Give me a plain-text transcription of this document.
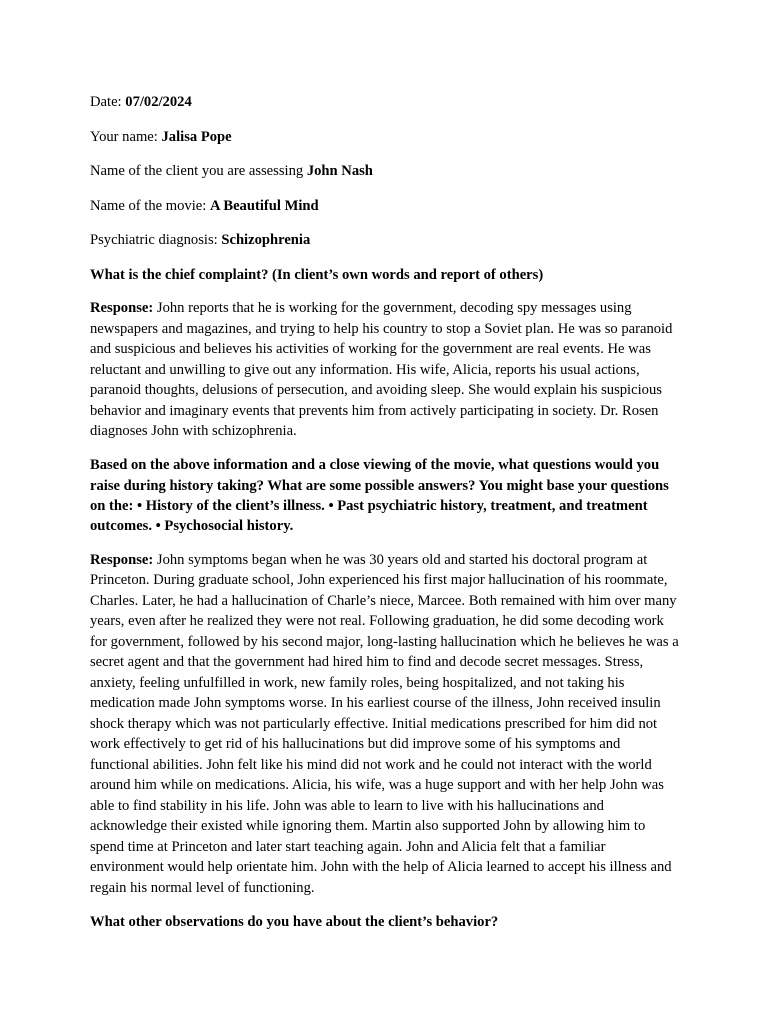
Date: 07/02/2024

Your name: Jalisa Pope

Name of the client you are assessing John Nash

Name of the movie: A Beautiful Mind

Psychiatric diagnosis: Schizophrenia

What is the chief complaint? (In client’s own words and report of others)

Response: John reports that he is working for the government, decoding spy messages using newspapers and magazines, and trying to help his country to stop a Soviet plan. He was so paranoid and suspicious and believes his activities of working for the government are real events. He was reluctant and unwilling to give out any information. His wife, Alicia, reports his usual actions, paranoid thoughts, delusions of persecution, and avoiding sleep. She would explain his suspicious behavior and imaginary events that prevents him from actively participating in society. Dr. Rosen diagnoses John with schizophrenia.

Based on the above information and a close viewing of the movie, what questions would you raise during history taking? What are some possible answers? You might base your questions on the: • History of the client’s illness. • Past psychiatric history, treatment, and treatment outcomes. • Psychosocial history.

Response: John symptoms began when he was 30 years old and started his doctoral program at Princeton. During graduate school, John experienced his first major hallucination of his roommate, Charles. Later, he had a hallucination of Charle’s niece, Marcee. Both remained with him over many years, even after he realized they were not real. Following graduation, he did some decoding work for government, followed by his second major, long-lasting hallucination which he believes he was a secret agent and that the government had hired him to find and decode secret messages. Stress, anxiety, feeling unfulfilled in work, new family roles, being hospitalized, and not taking his medication made John symptoms worse. In his earliest course of the illness, John received insulin shock therapy which was not particularly effective. Initial medications prescribed for him did not work effectively to get rid of his hallucinations but did improve some of his symptoms and functional abilities. John felt like his mind did not work and he could not interact with the world around him while on medications. Alicia, his wife, was a huge support and with her help John was able to find stability in his life. John was able to learn to live with his hallucinations and acknowledge their existed while ignoring them. Martin also supported John by allowing him to spend time at Princeton and later start teaching again. John and Alicia felt that a familiar environment would help orientate him. John with the help of Alicia learned to accept his illness and regain his normal level of functioning.

What other observations do you have about the client’s behavior?
